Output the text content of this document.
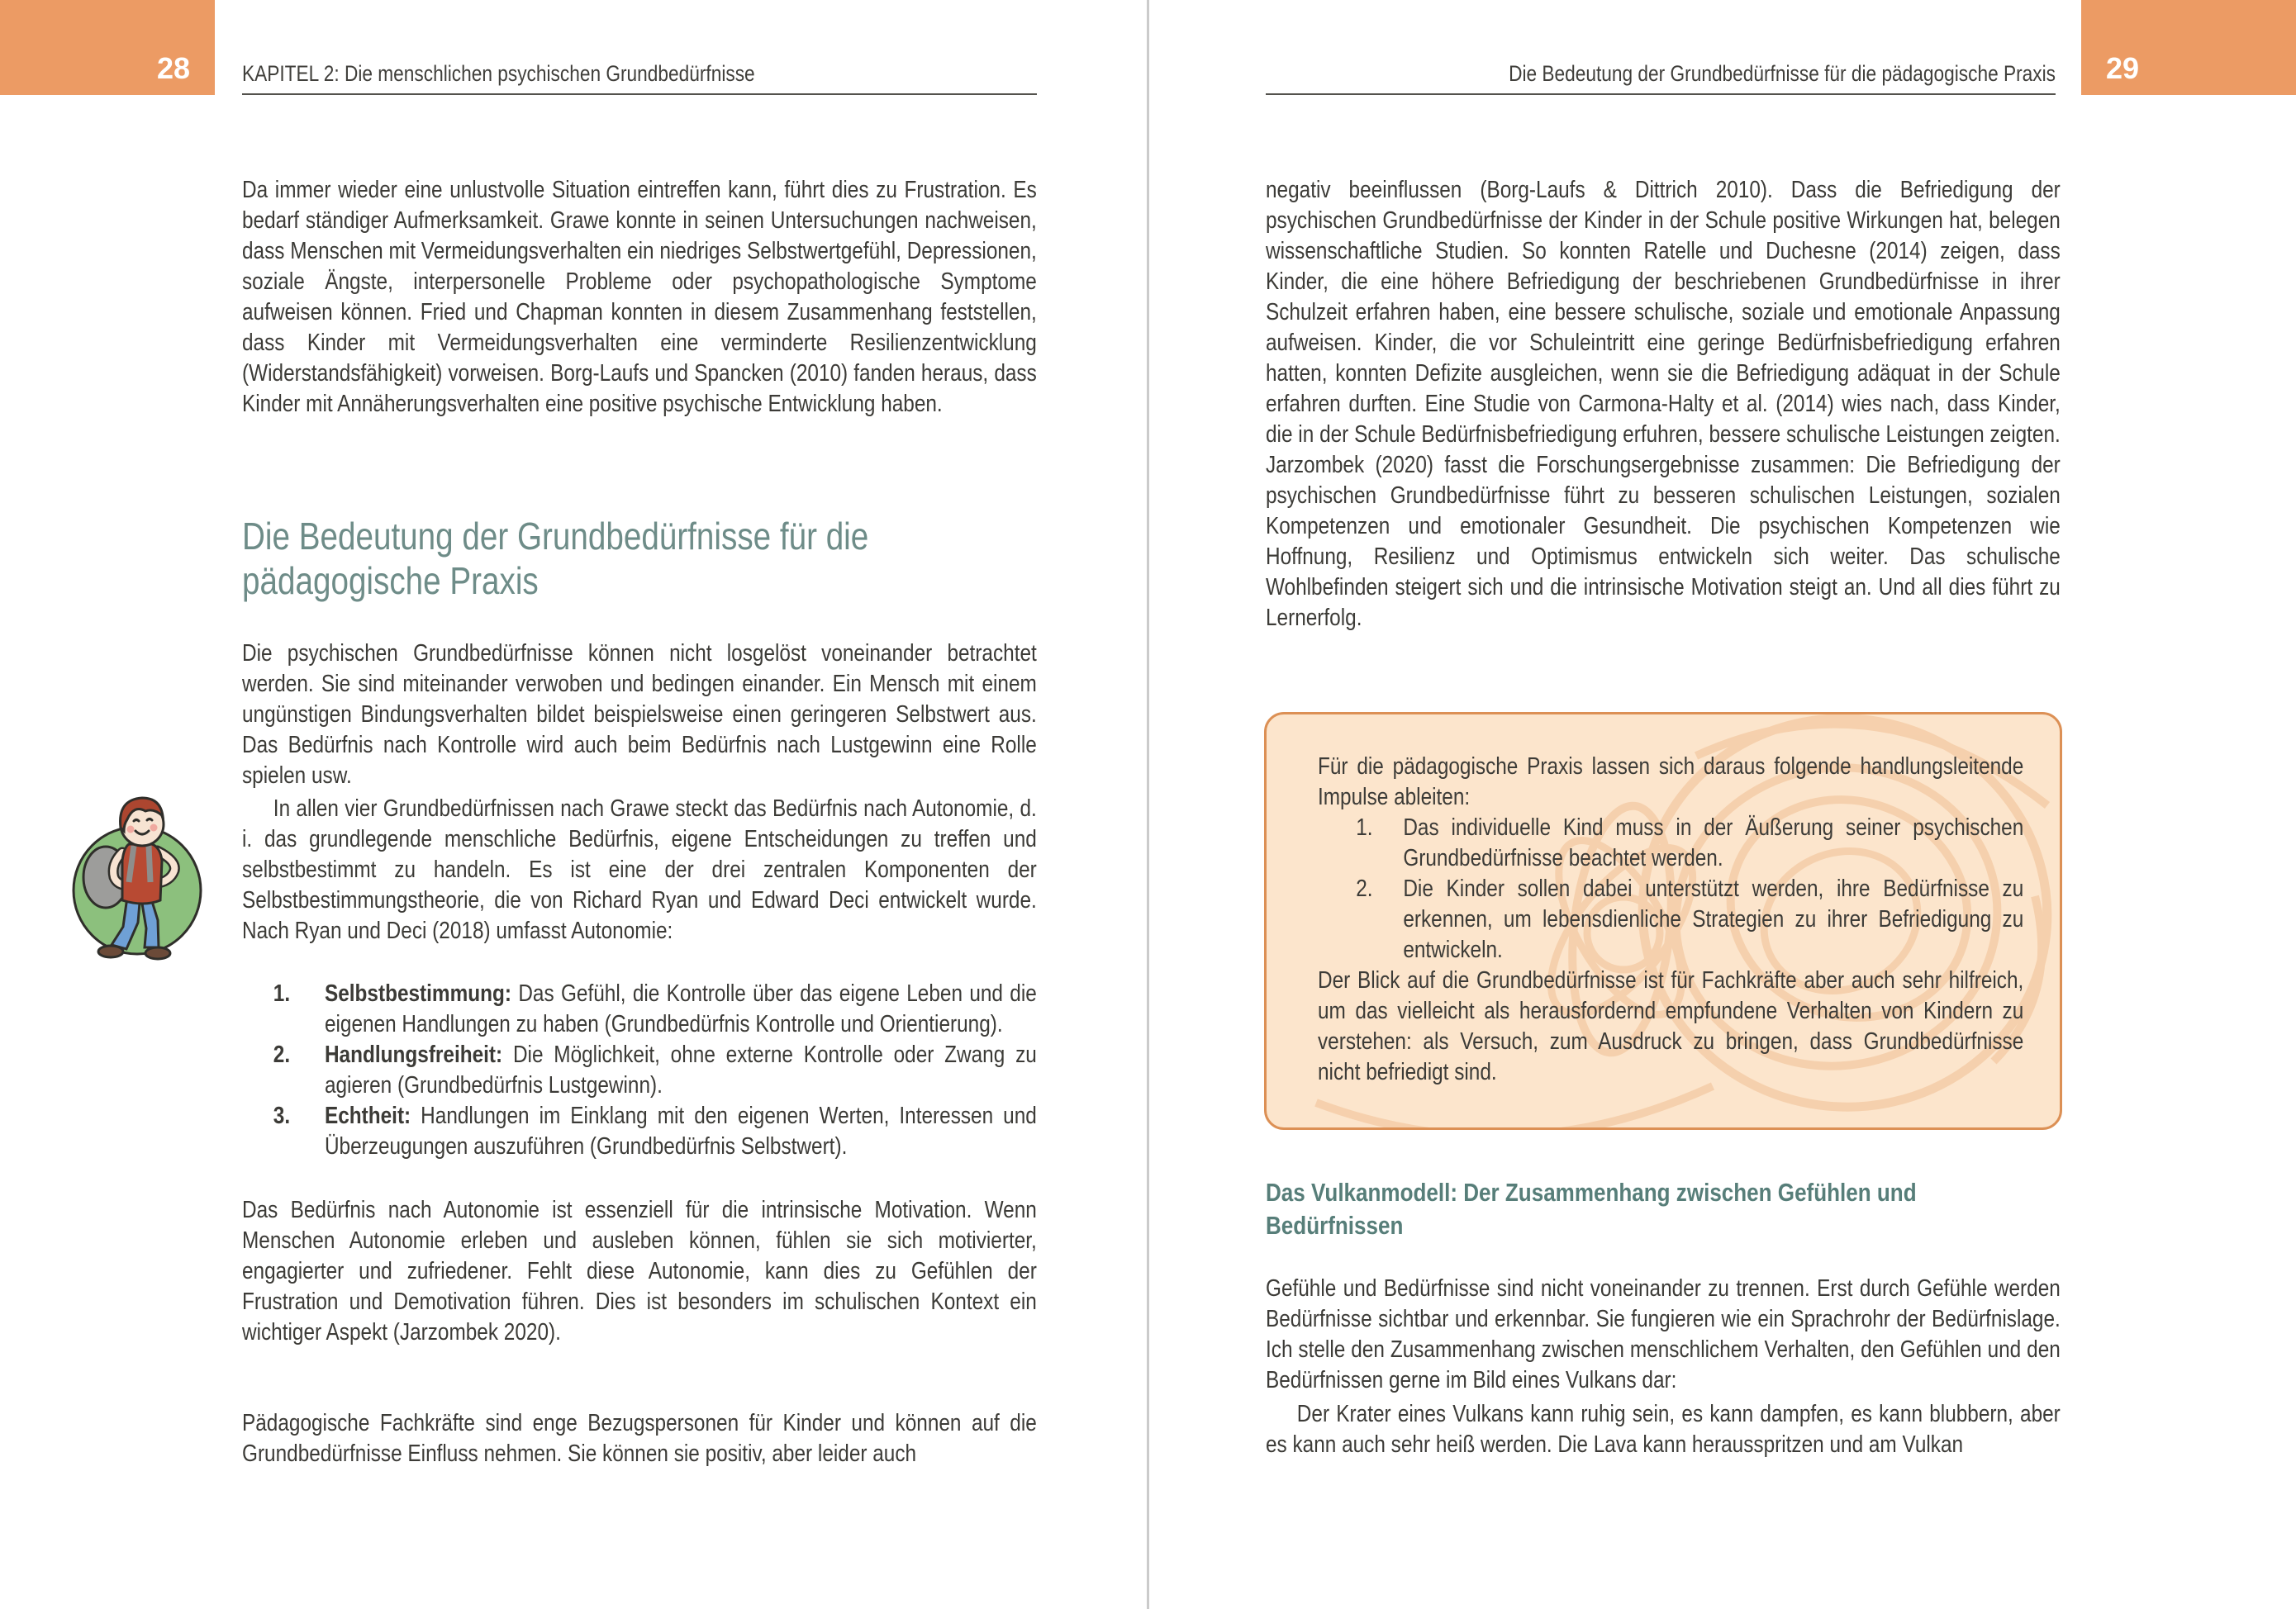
28 KAPITEL 2: Die menschlichen psychischen Grundbedürfnisse	29
Die Bedeutung der Grundbedürfnisse für die pädagogische Praxis

Da immer wieder eine unlustvolle Situation eintreffen kann, führt dies zu Frustration. Es bedarf ständiger Aufmerksamkeit. Grawe konnte in seinen Untersuchungen nachweisen, dass Menschen mit Vermeidungsverhalten ein niedriges Selbstwertgefühl, Depressionen, soziale Ängste, interpersonelle Probleme oder psychopathologische Symptome aufweisen können. Fried und Chapman konnten in diesem Zusammenhang feststellen, dass Kinder mit Vermeidungsverhalten eine verminderte Resilienzentwicklung (Widerstandsfähigkeit) vorweisen. Borg-Laufs und Spancken (2010) fanden heraus, dass Kinder mit Annäherungsverhalten eine positive psychische Entwicklung haben.

Die Bedeutung der Grundbedürfnisse für die pädagogische Praxis

Die psychischen Grundbedürfnisse können nicht losgelöst voneinander betrachtet werden. Sie sind miteinander verwoben und bedingen einander. Ein Mensch mit einem ungünstigen Bindungsverhalten bildet beispielsweise einen geringeren Selbstwert aus. Das Bedürfnis nach Kontrolle wird auch beim Bedürfnis nach Lustgewinn eine Rolle spielen usw.

In allen vier Grundbedürfnissen nach Grawe steckt das Bedürfnis nach Autonomie, d. i. das grundlegende menschliche Bedürfnis, eigene Entscheidungen zu treffen und selbstbestimmt zu handeln. Es ist eine der drei zentralen Komponenten der Selbstbestimmungstheorie, die von Richard Ryan und Edward Deci entwickelt wurde. Nach Ryan und Deci (2018) umfasst Autonomie:

1. Selbstbestimmung: Das Gefühl, die Kontrolle über das eigene Leben und die eigenen Handlungen zu haben (Grundbedürfnis Kontrolle und Orientierung).
2. Handlungsfreiheit: Die Möglichkeit, ohne externe Kontrolle oder Zwang zu agieren (Grundbedürfnis Lustgewinn).
3. Echtheit: Handlungen im Einklang mit den eigenen Werten, Interessen und Überzeugungen auszuführen (Grundbedürfnis Selbstwert).

Das Bedürfnis nach Autonomie ist essenziell für die intrinsische Motivation. Wenn Menschen Autonomie erleben und ausleben können, fühlen sie sich motivierter, engagierter und zufriedener. Fehlt diese Autonomie, kann dies zu Gefühlen der Frustration und Demotivation führen. Dies ist besonders im schulischen Kontext ein wichtiger Aspekt (Jarzombek 2020).

Pädagogische Fachkräfte sind enge Bezugspersonen für Kinder und können auf die Grundbedürfnisse Einfluss nehmen. Sie können sie positiv, aber leider auch

negativ beeinflussen (Borg-Laufs & Dittrich 2010). Dass die Befriedigung der psychischen Grundbedürfnisse der Kinder in der Schule positive Wirkungen hat, belegen wissenschaftliche Studien. So konnten Ratelle und Duchesne (2014) zeigen, dass Kinder, die eine höhere Befriedigung der beschriebenen Grundbedürfnisse in ihrer Schulzeit erfahren haben, eine bessere schulische, soziale und emotionale Anpassung aufweisen. Kinder, die vor Schuleintritt eine geringe Bedürfnisbefriedigung erfahren hatten, konnten Defizite ausgleichen, wenn sie die Befriedigung adäquat in der Schule erfahren durften. Eine Studie von Carmona-Halty et al. (2014) wies nach, dass Kinder, die in der Schule Bedürfnisbefriedigung erfuhren, bessere schulische Leistungen zeigten. Jarzombek (2020) fasst die Forschungsergebnisse zusammen: Die Befriedigung der psychischen Grundbedürfnisse führt zu besseren schulischen Leistungen, sozialen Kompetenzen und emotionaler Gesundheit. Die psychischen Kompetenzen wie Hoffnung, Resilienz und Optimismus entwickeln sich weiter. Das schulische Wohlbefinden steigert sich und die intrinsische Motivation steigt an. Und all dies führt zu Lernerfolg.

Für die pädagogische Praxis lassen sich daraus folgende handlungsleitende Impulse ableiten:

1. Das individuelle Kind muss in der Äußerung seiner psychischen Grundbedürfnisse beachtet werden.
2. Die Kinder sollen dabei unterstützt werden, ihre Bedürfnisse zu erkennen, um lebensdienliche Strategien zu ihrer Befriedigung zu entwickeln.

Der Blick auf die Grundbedürfnisse ist für Fachkräfte aber auch sehr hilfreich, um das vielleicht als herausfordernd empfundene Verhalten von Kindern zu verstehen: als Versuch, zum Ausdruck zu bringen, dass Grundbedürfnisse nicht befriedigt sind.

Das Vulkanmodell: Der Zusammenhang zwischen Gefühlen und Bedürfnissen

Gefühle und Bedürfnisse sind nicht voneinander zu trennen. Erst durch Gefühle werden Bedürfnisse sichtbar und erkennbar. Sie fungieren wie ein Sprachrohr der Bedürfnislage. Ich stelle den Zusammenhang zwischen menschlichem Verhalten, den Gefühlen und den Bedürfnissen gerne im Bild eines Vulkans dar:

Der Krater eines Vulkans kann ruhig sein, es kann dampfen, es kann blubbern, aber es kann auch sehr heiß werden. Die Lava kann herausspritzen und am Vulkan
